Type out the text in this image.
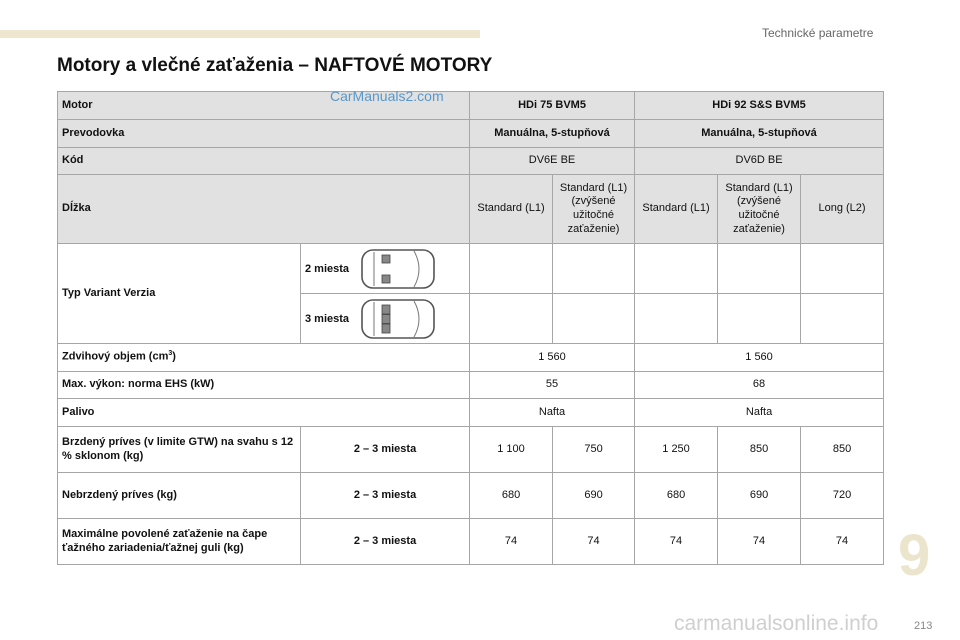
Technické parametre
Motory a vlečné zaťaženia – NAFTOVÉ MOTORY
Motor		HDi 75 BVM5		HDi 92 S&S BVM5		
Prevodovka		Manuálna, 5-stupňová		Manuálna, 5-stupňová		
Kód		DV6E BE		DV6D BE		
Dĺžka		Standard (L1)	Standard (L1) (zvýšené užitočné zaťaženie)	Standard (L1)	Standard (L1) (zvýšené užitočné zaťaženie)	Long (L2)
Typ Variant Verzia	2 miesta					
	3 miesta					
Zdvihový objem $(cm^3)$		1 560		1 560		
Max. výkon: norma EHS (kW)		55		68		
Palivo		Nafta		Nafta		
Brzdený príves (v limite GTW) na svahu s 12 % sklonom (kg)	2 – 3 miesta	1 100	750	1 250	850	850
Nebrzdený príves (kg)	2 – 3 miesta	680	690	680	690	720
Maximálne povolené zaťaženie na čape ťažného zariadenia/ťažnej guli (kg)	2 – 3 miesta	74	74	74	74	74
CarManuals2.com
9
213
carmanualsonline.info
